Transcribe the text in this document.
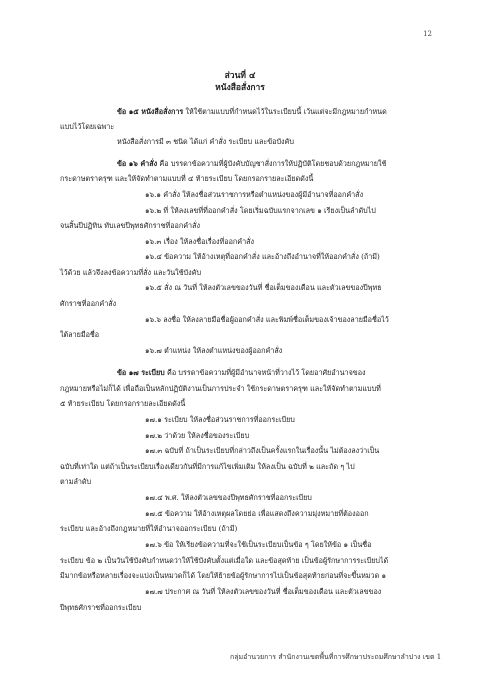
12
ส่วนที่ ๔
หนังสือสั่งการ
ข้อ ๑๕ หนังสือสั่งการ ให้ใช้ตามแบบที่กำหนดไว้ในระเบียบนี้ เว้นแต่จะมีกฎหมายกำหนด
แบบไว้โดยเฉพาะ
หนังสือสั่งการมี ๓ ชนิด ได้แก่ คำสั่ง ระเบียบ และข้อบังคับ
ข้อ ๑๖ คำสั่ง คือ บรรดาข้อความที่ผู้บังคับบัญชาสั่งการให้ปฏิบัติโดยชอบด้วยกฎหมายใช้
กระดาษตราครุฑ และให้จัดทำตามแบบที่ ๔ ท้ายระเบียบ โดยกรอกรายละเอียดดังนี้
๑๖.๑ คำสั่ง ให้ลงชื่อส่วนราชการหรือตำแหน่งของผู้มีอำนาจที่ออกคำสั่ง
๑๖.๒ ที่ ให้ลงเลขที่ที่ออกคำสั่ง โดยเริ่มฉบับแรกจากเลข ๑ เรียงเป็นลำดับไป
จนสิ้นปีปฏิทิน ทับเลขปีพุทธศักราชที่ออกคำสั่ง
๑๖.๓ เรื่อง ให้ลงชื่อเรื่องที่ออกคำสั่ง
๑๖.๔ ข้อความ ให้อ้างเหตุที่ออกคำสั่ง และอ้างถึงอำนาจที่ให้ออกคำสั่ง (ถ้ามี)
ไว้ด้วย แล้วจึงลงข้อความที่สั่ง และวันใช้บังคับ
๑๖.๕ สั่ง ณ วันที่ ให้ลงตัวเลขของวันที่ ชื่อเต็มของเดือน และตัวเลขของปีพุทธ
ศักราชที่ออกคำสั่ง
๑๖.๖ ลงชื่อ ให้ลงลายมือชื่อผู้ออกคำสั่ง และพิมพ์ชื่อเต็มของเจ้าของลายมือชื่อไว้
ใต้ลายมือชื่อ
๑๖.๗ ตำแหน่ง ให้ลงตำแหน่งของผู้ออกคำสั่ง
ข้อ ๑๗ ระเบียบ คือ บรรดาข้อความที่ผู้มีอำนาจหน้าที่วางไว้ โดยอาศัยอำนาจของ
กฎหมายหรือไม่ก็ได้ เพื่อถือเป็นหลักปฏิบัติงานเป็นการประจำ ใช้กระดาษตราครุฑ และให้จัดทำตามแบบที่
๕ ท้ายระเบียบ โดยกรอกรายละเอียดดังนี้
๑๗.๑ ระเบียบ ให้ลงชื่อส่วนราชการที่ออกระเบียบ
๑๗.๒ ว่าด้วย ให้ลงชื่อของระเบียบ
๑๗.๓ ฉบับที่ ถ้าเป็นระเบียบที่กล่าวถึงเป็นครั้งแรกในเรื่องนั้น ไม่ต้องลงว่าเป็น
ฉบับที่เท่าใด แต่ถ้าเป็นระเบียบเรื่องเดียวกันที่มีการแก้ไขเพิ่มเติม ให้ลงเป็น ฉบับที่ ๒ และถัด ๆ ไป
ตามลำดับ
๑๗.๔ พ.ศ. ให้ลงตัวเลขของปีพุทธศักราชที่ออกระเบียบ
๑๗.๕ ข้อความ ให้อ้างเหตุผลโดยย่อ เพื่อแสดงถึงความมุ่งหมายที่ต้องออก
ระเบียบ และอ้างถึงกฎหมายที่ให้อำนาจออกระเบียบ (ถ้ามี)
๑๗.๖ ข้อ ให้เรียงข้อความที่จะใช้เป็นระเบียบเป็นข้อ ๆ โดยให้ข้อ ๑ เป็นชื่อ
ระเบียบ ข้อ ๒ เป็นวันใช้บังคับกำหนดว่าให้ใช้บังคับตั้งแต่เมื่อใด และข้อสุดท้าย เป็นข้อผู้รักษาการระเบียบได้
มีมากข้อหรือหลายเรื่องจะแบ่งเป็นหมวดก็ได้ โดยให้ย้ายข้อผู้รักษาการไปเป็นข้อสุดท้ายก่อนที่จะขึ้นหมวด ๑
๑๗.๗ ประกาศ ณ วันที่ ให้ลงตัวเลขของวันที่ ชื่อเต็มของเดือน และตัวเลขของ
ปีพุทธศักราชที่ออกระเบียบ
กลุ่มอำนวยการ สำนักงานเขตพื้นที่การศึกษาประถมศึกษาลำปาง เขต 1
